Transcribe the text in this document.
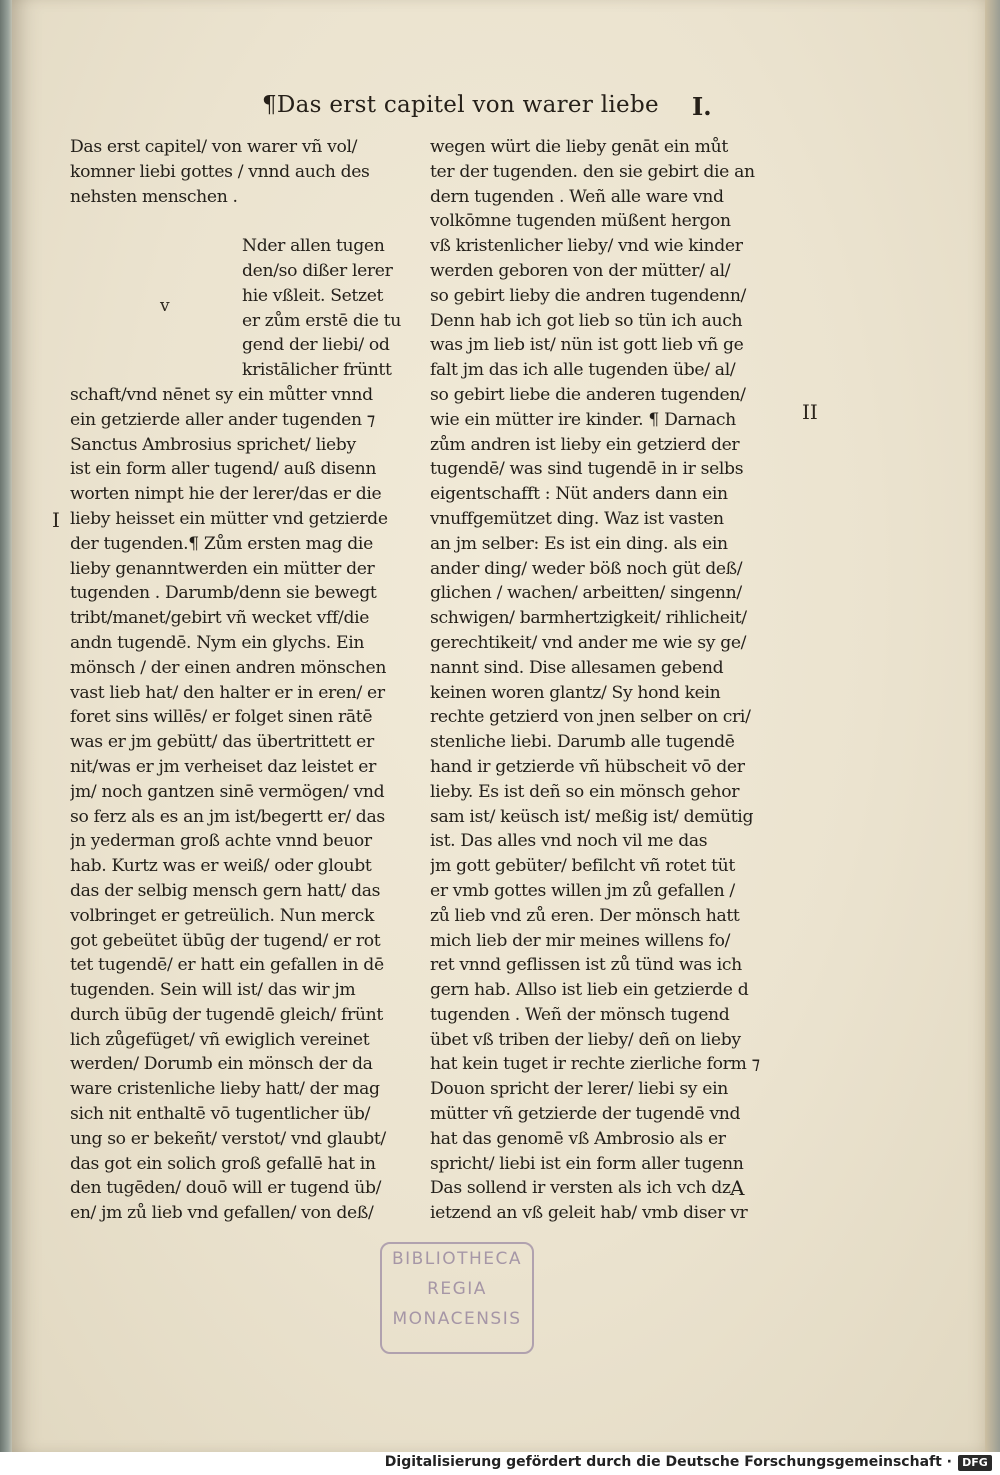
¶Das erst capitel von warer liebe I.
Das erst capitel/ von warer vñ vol/
komner liebi gottes / vnnd auch des
nehsten menschen .
Nder allen tugen
den/so dißer lerer
hie vßleit. Setzet
er zům erstē die tu
gend der liebi/ od
kristālicher früntt
schaft/vnd nēnet sy ein můtter vnnd
ein getzierde aller ander tugenden ⁊
Sanctus Ambrosius sprichet/ lieby
ist ein form aller tugend/ auß disenn
worten nimpt hie der lerer/das er die
lieby heisset ein mütter vnd getzierde
der tugenden.¶ Zům ersten mag die
lieby genanntwerden ein mütter der
tugenden . Darumb/denn sie bewegt
tribt/manet/gebirt vñ wecket vff/die
andn tugendē. Nym ein glychs. Ein
mönsch / der einen andren mönschen
vast lieb hat/ den halter er in eren/ er
foret sins willēs/ er folget sinen rātē
was er jm gebütt/ das übertrittett er
nit/was er jm verheiset daz leistet er
jm/ noch gantzen sinē vermögen/ vnd
so ferz als es an jm ist/begertt er/ das
jn yederman groß achte vnnd beuor
hab. Kurtz was er weiß/ oder gloubt
das der selbig mensch gern hatt/ das
volbringet er getreülich. Nun merck
got gebeütet übūg der tugend/ er rot
tet tugendē/ er hatt ein gefallen in dē
tugenden. Sein will ist/ das wir jm
durch übūg der tugendē gleich/ frünt
lich zůgefüget/ vñ ewiglich vereinet
werden/ Dorumb ein mönsch der da
ware cristenliche lieby hatt/ der mag
sich nit enthaltē vō tugentlicher üb/
ung so er bekeñt/ verstot/ vnd glaubt/
das got ein solich groß gefallē hat in
den tugēden/ douō will er tugend üb/
en/ jm zů lieb vnd gefallen/ von deß/
v
wegen würt die lieby genāt ein můt
ter der tugenden. den sie gebirt die an
dern tugenden . Weñ alle ware vnd
volkōmne tugenden müßent hergon
vß kristenlicher lieby/ vnd wie kinder
werden geboren von der mütter/ al/
so gebirt lieby die andren tugendenn/
Denn hab ich got lieb so tün ich auch
was jm lieb ist/ nün ist gott lieb vñ ge
falt jm das ich alle tugenden übe/ al/
so gebirt liebe die anderen tugenden/
wie ein mütter ire kinder. ¶ Darnach
zům andren ist lieby ein getzierd der
tugendē/ was sind tugendē in ir selbs
eigentschafft : Nüt anders dann ein
vnuffgemützet ding. Waz ist vasten
an jm selber: Es ist ein ding. als ein
ander ding/ weder böß noch güt deß/
glichen / wachen/ arbeitten/ singenn/
schwigen/ barmhertzigkeit/ rihlicheit/
gerechtikeit/ vnd ander me wie sy ge/
nannt sind. Dise allesamen gebend
keinen woren glantz/ Sy hond kein
rechte getzierd von jnen selber on cri/
stenliche liebi. Darumb alle tugendē
hand ir getzierde vñ hübscheit vō der
lieby. Es ist deñ so ein mönsch gehor
sam ist/ keüsch ist/ meßig ist/ demütig
ist. Das alles vnd noch vil me das
jm gott gebüter/ befilcht vñ rotet tüt
er vmb gottes willen jm zů gefallen /
zů lieb vnd zů eren. Der mönsch hatt
mich lieb der mir meines willens fo/
ret vnnd geflissen ist zů tünd was ich
gern hab. Allso ist lieb ein getzierde d
tugenden . Weñ der mönsch tugend
übet vß triben der lieby/ deñ on lieby
hat kein tuget ir rechte zierliche form ⁊
Douon spricht der lerer/ liebi sy ein
mütter vñ getzierde der tugendē vnd
hat das genomē vß Ambrosio als er
spricht/ liebi ist ein form aller tugenn
Das sollend ir versten als ich vch dz
ietzend an vß geleit hab/ vmb diser vr
I
II
A
BIBLIOTHECA
REGIA
MONACENSIS
Digitalisierung gefördert durch die Deutsche Forschungsgemeinschaft · DFG
